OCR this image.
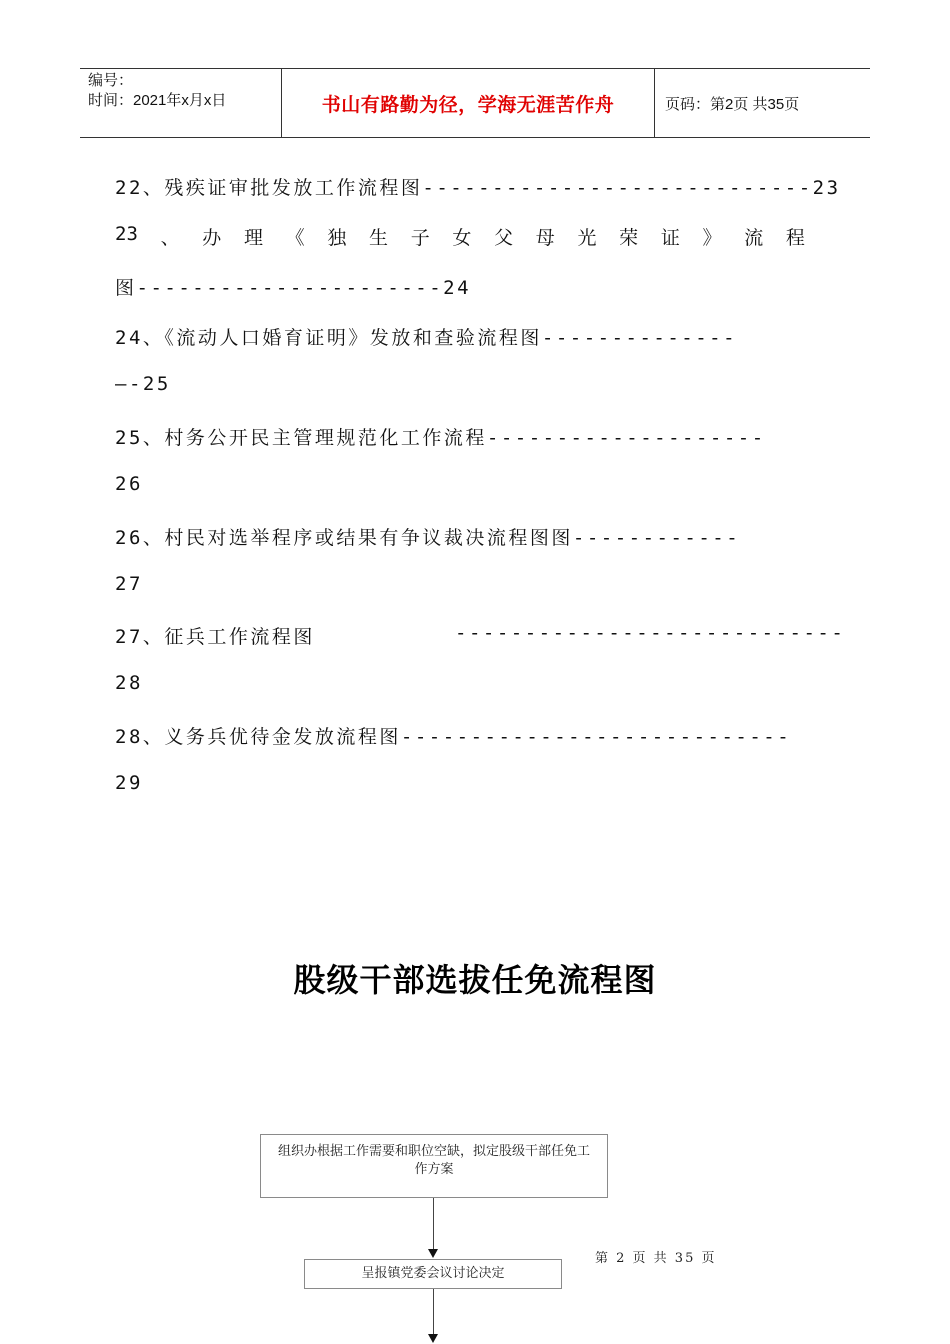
编号：
时间：2021年x月x日	书山有路勤为径，学海无涯苦作舟	页码：第2页 共35页
22、残疾证审批发放工作流程图----------------------------23
23 、 办 理 《 独 生 子 女 父 母 光 荣 证 》 流 程
图----------------------24
24、《流动人口婚育证明》发放和查验流程图--------------
—-25
25、村务公开民主管理规范化工作流程--------------------
26
26、村民对选举程序或结果有争议裁决流程图图------------
27
27、征兵工作流程图	----------------------------
28
28、义务兵优待金发放流程图----------------------------
29
股级干部选拔任免流程图
组织办根据工作需要和职位空缺，拟定股级干部任免工作方案
呈报镇党委会议讨论决定
第 2 页 共 35 页
